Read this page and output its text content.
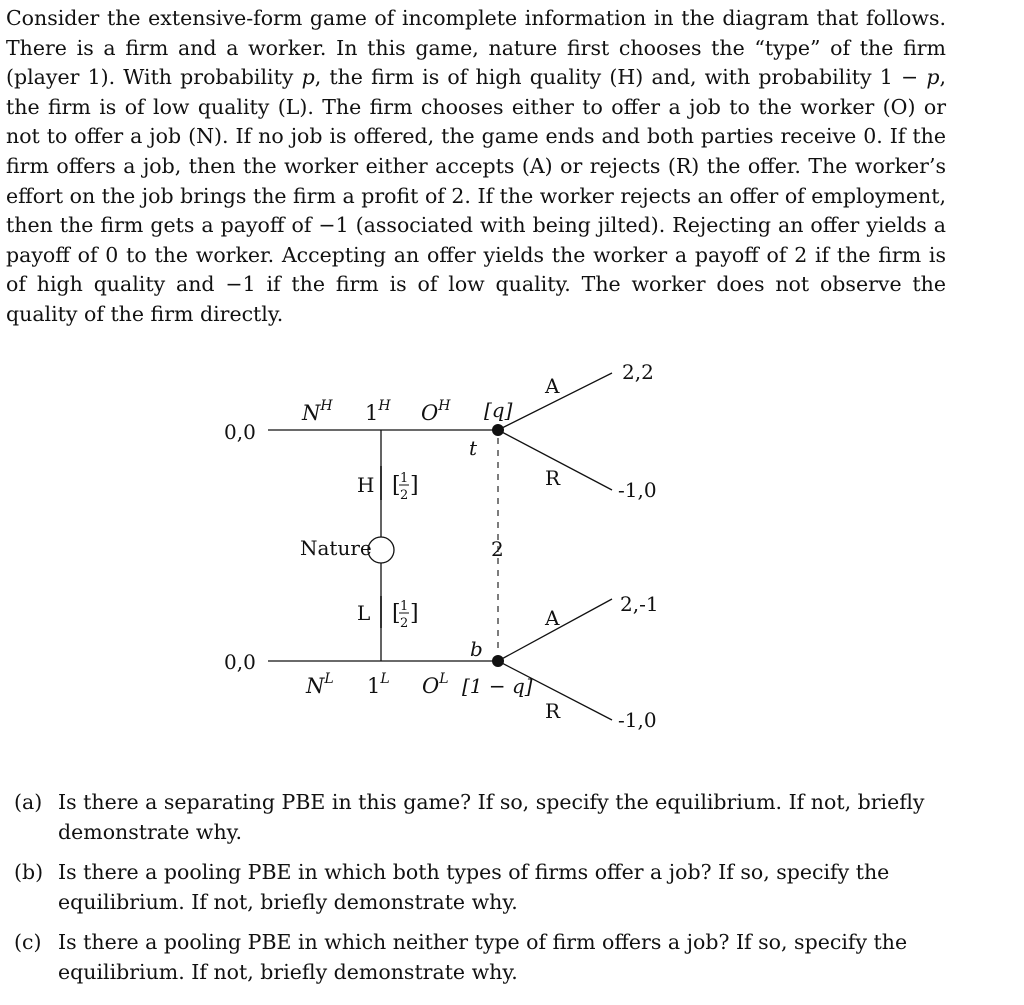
Consider the extensive-form game of incomplete information in the diagram that follows. There is a firm and a worker. In this game, nature first chooses the “type” of the firm (player 1). With probability p, the firm is of high quality (H) and, with probability 1 − p, the firm is of low quality (L). The firm chooses either to offer a job to the worker (O) or not to offer a job (N). If no job is offered, the game ends and both parties receive 0. If the firm offers a job, then the worker either accepts (A) or rejects (R) the offer. The worker’s effort on the job brings the firm a profit of 2. If the worker rejects an offer of employment, then the firm gets a payoff of −1 (associated with being jilted). Rejecting an offer yields a payoff of 0 to the worker. Accepting an offer yields the worker a payoff of 2 if the firm is of high quality and −1 if the firm is of low quality. The worker does not observe the quality of the firm directly.

0,0
0,0
2,2
-1,0
2,-1
-1,0
$N^H$ $1^H$ $O^H$ [q]
t
H [ 1
2 ]
Nature	2
L [ 1
2 ]
b
$N^L$ $1^L$ $O^L$ [1 − q]
A
R
A
R
(a) Is there a separating PBE in this game? If so, specify the equilibrium. If not, briefly demonstrate why.
(b) Is there a pooling PBE in which both types of firms offer a job? If so, specify the equilibrium. If not, briefly demonstrate why.
(c) Is there a pooling PBE in which neither type of firm offers a job? If so, specify the equilibrium. If not, briefly demonstrate why.
